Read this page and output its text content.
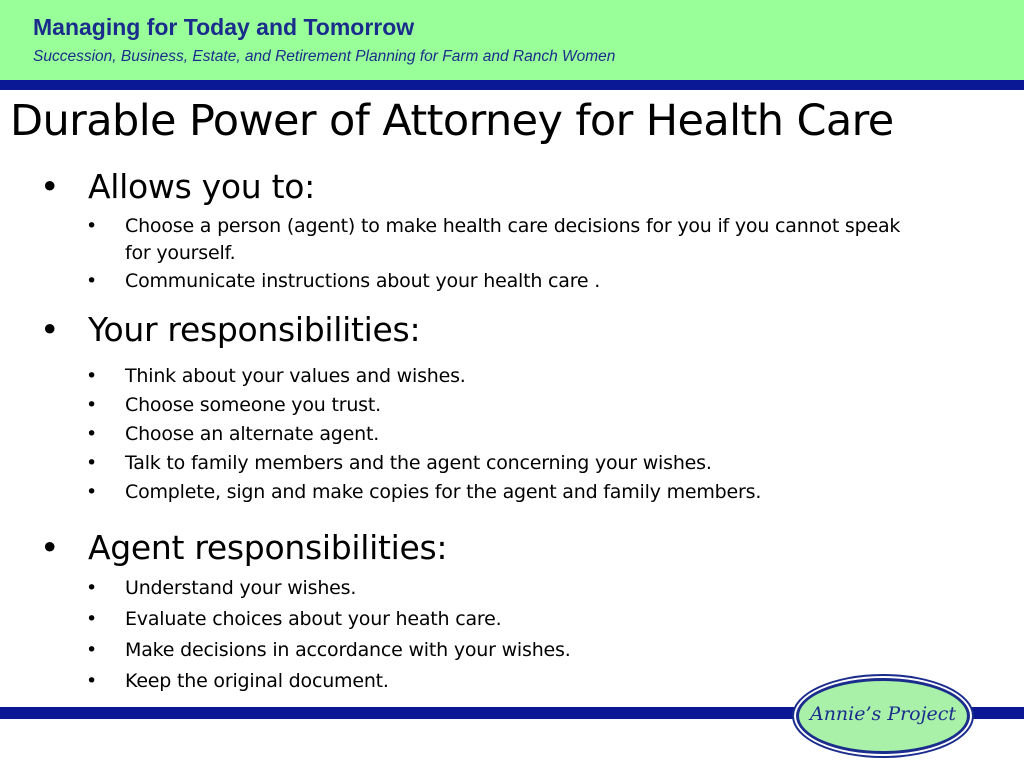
Managing for Today and Tomorrow
Succession, Business, Estate, and Retirement Planning for Farm and Ranch Women
Durable Power of Attorney for Health Care
• Allows you to:
• Choose a person (agent) to make health care decisions for you if you cannot speak for yourself.
• Communicate instructions about your health care .
• Your responsibilities:
• Think about your values and wishes.
• Choose someone you trust.
• Choose an alternate agent.
• Talk to family members and the agent concerning your wishes.
• Complete, sign and make copies for the agent and family members.
• Agent responsibilities:
• Understand your wishes.
• Evaluate choices about your heath care.
• Make decisions in accordance with your wishes.
• Keep the original document.
Annie’s Project
